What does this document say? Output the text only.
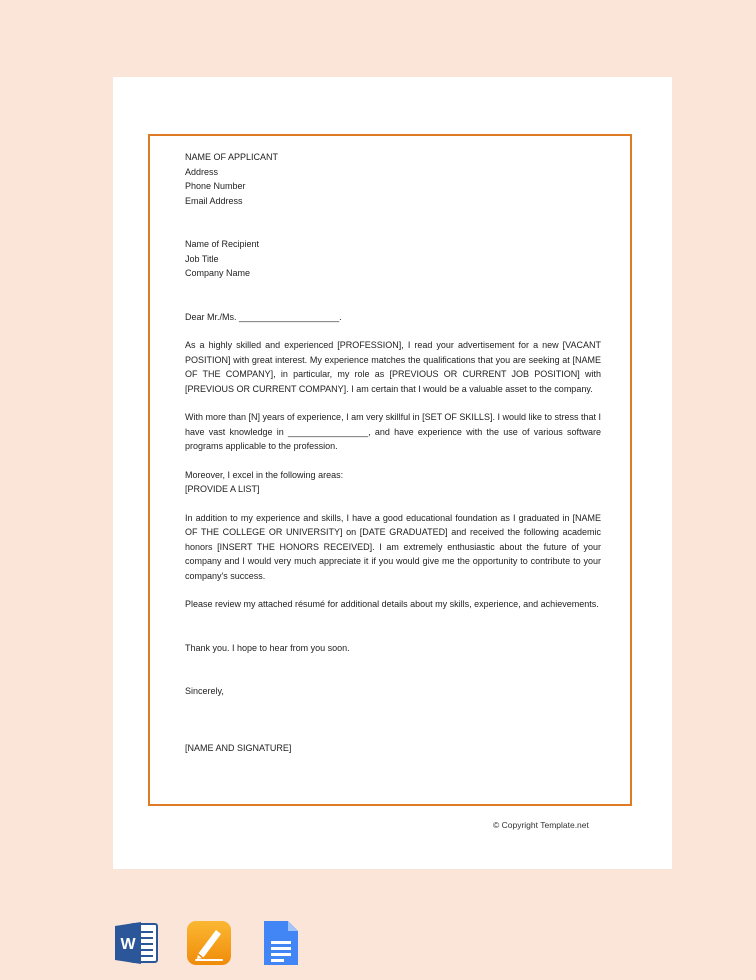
NAME OF APPLICANT
Address
Phone Number
Email Address
Name of Recipient
Job Title
Company Name
Dear Mr./Ms. ____________________.

As a highly skilled and experienced [PROFESSION], I read your advertisement for a new [VACANT POSITION] with great interest. My experience matches the qualifications that you are seeking at [NAME OF THE COMPANY], in particular, my role as [PREVIOUS OR CURRENT JOB POSITION] with [PREVIOUS OR CURRENT COMPANY]. I am certain that I would be a valuable asset to the company.

With more than [N] years of experience, I am very skillful in [SET OF SKILLS]. I would like to stress that I have vast knowledge in ________________, and have experience with the use of various software programs applicable to the profession.

Moreover, I excel in the following areas:
[PROVIDE A LIST]

In addition to my experience and skills, I have a good educational foundation as I graduated in [NAME OF THE COLLEGE OR UNIVERSITY] on [DATE GRADUATED] and received the following academic honors [INSERT THE HONORS RECEIVED]. I am extremely enthusiastic about the future of your company and I would very much appreciate it if you would give me the opportunity to contribute to your company's success.

Please review my attached résumé for additional details about my skills, experience, and achievements.

Thank you. I hope to hear from you soon.
Sincerely,
[NAME AND SIGNATURE]
© Copyright Template.net
W
